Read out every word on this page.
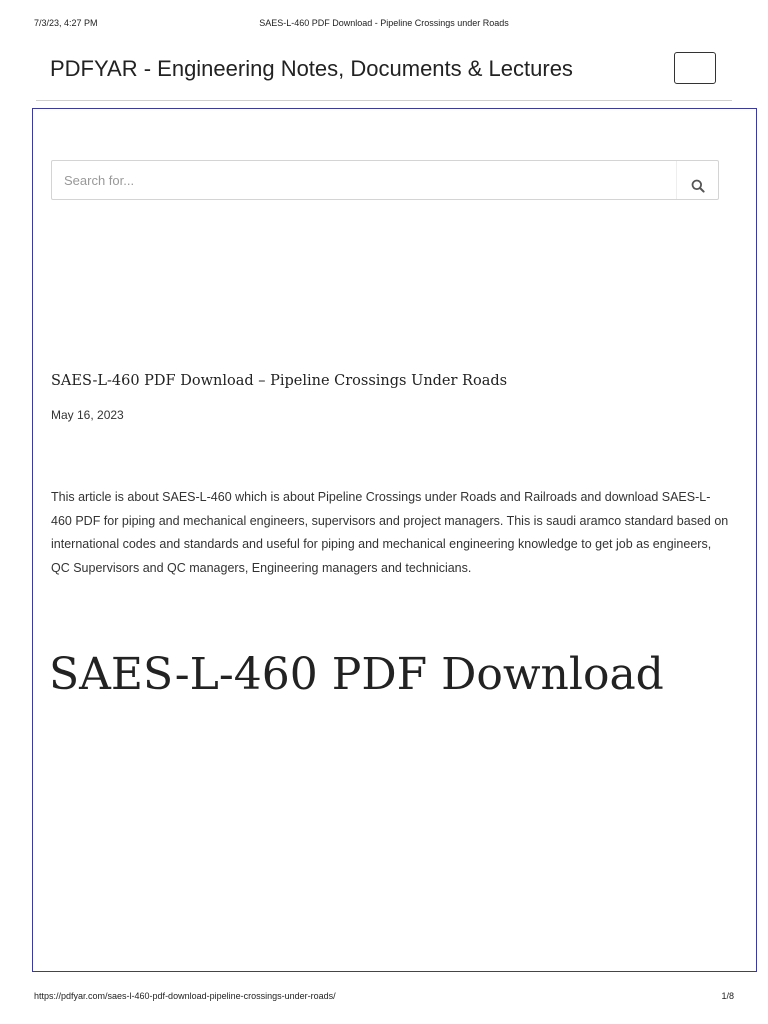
7/3/23, 4:27 PM	SAES-L-460 PDF Download - Pipeline Crossings under Roads
PDFYAR - Engineering Notes, Documents & Lectures
Search for...
SAES-L-460 PDF Download – Pipeline Crossings Under Roads
May 16, 2023

This article is about SAES-L-460 which is about Pipeline Crossings under Roads and Railroads and download SAES-L-460 PDF for piping and mechanical engineers, supervisors and project managers. This is saudi aramco standard based on international codes and standards and useful for piping and mechanical engineering knowledge to get job as engineers, QC Supervisors and QC managers, Engineering managers and technicians.

SAES-L-460 PDF Download
https://pdfyar.com/saes-l-460-pdf-download-pipeline-crossings-under-roads/	1/8
